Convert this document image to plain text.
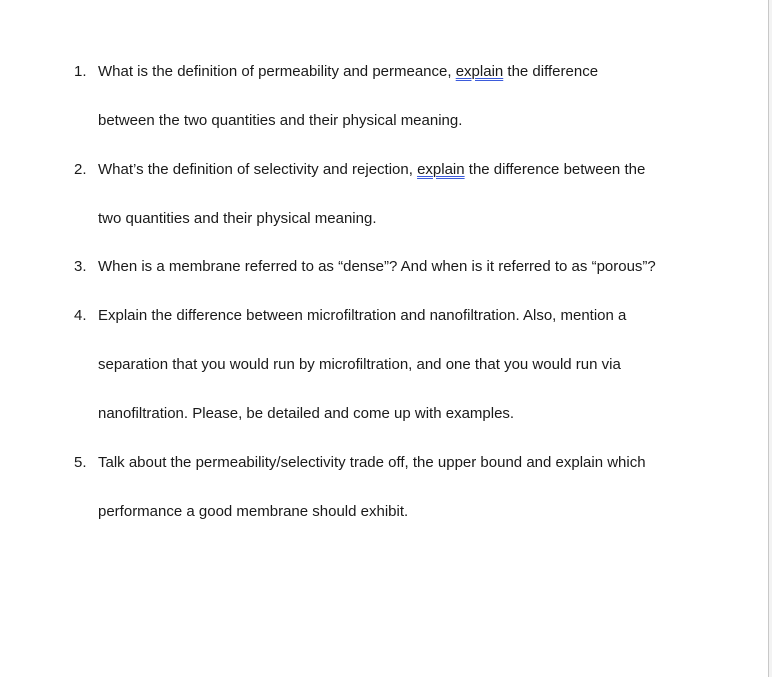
1. What is the definition of permeability and permeance, explain the difference
between the two quantities and their physical meaning.

2. What’s the definition of selectivity and rejection, explain the difference between the
two quantities and their physical meaning.

3. When is a membrane referred to as “dense”? And when is it referred to as “porous”?

4. Explain the difference between microfiltration and nanofiltration. Also, mention a
separation that you would run by microfiltration, and one that you would run via
nanofiltration. Please, be detailed and come up with examples.

5. Talk about the permeability/selectivity trade off, the upper bound and explain which
performance a good membrane should exhibit.
